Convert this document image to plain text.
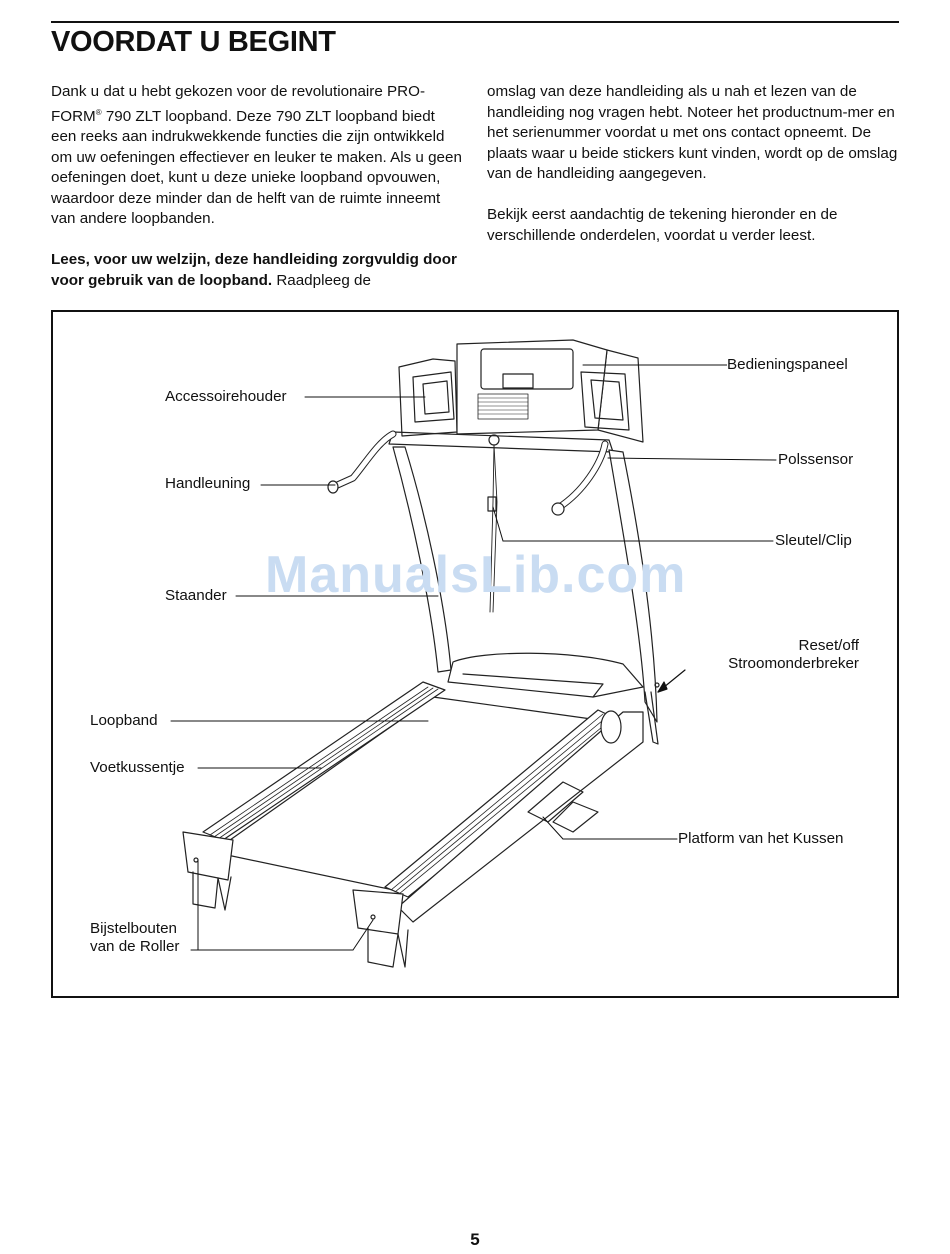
VOORDAT U BEGINT

Dank u dat u hebt gekozen voor de revolutionaire PRO-FORM® 790 ZLT loopband. Deze 790 ZLT loopband biedt een reeks aan indrukwekkende functies die zijn ontwikkeld om uw oefeningen effectiever en leuker te maken. Als u geen oefeningen doet, kunt u deze unieke loopband opvouwen, waardoor deze minder dan de helft van de ruimte inneemt van andere loopbanden.

Lees, voor uw welzijn, deze handleiding zorgvuldig door voor gebruik van de loopband. Raadpleeg de

omslag van deze handleiding als u nah et lezen van de handleiding nog vragen hebt. Noteer het productnum-mer en het serienummer voordat u met ons contact opneemt. De plaats waar u beide stickers kunt vinden, wordt op de omslag van de handleiding aangegeven.

Bekijk eerst aandachtig de tekening hieronder en de verschillende onderdelen, voordat u verder leest.

Bedieningspaneel
Accessoirehouder
Polssensor
Handleuning
Sleutel/Clip
Staander
Reset/off
Stroomonderbreker
Loopband
Voetkussentje
Platform van het Kussen
Bijstelbouten
van de Roller
ManualsLib.com
5
